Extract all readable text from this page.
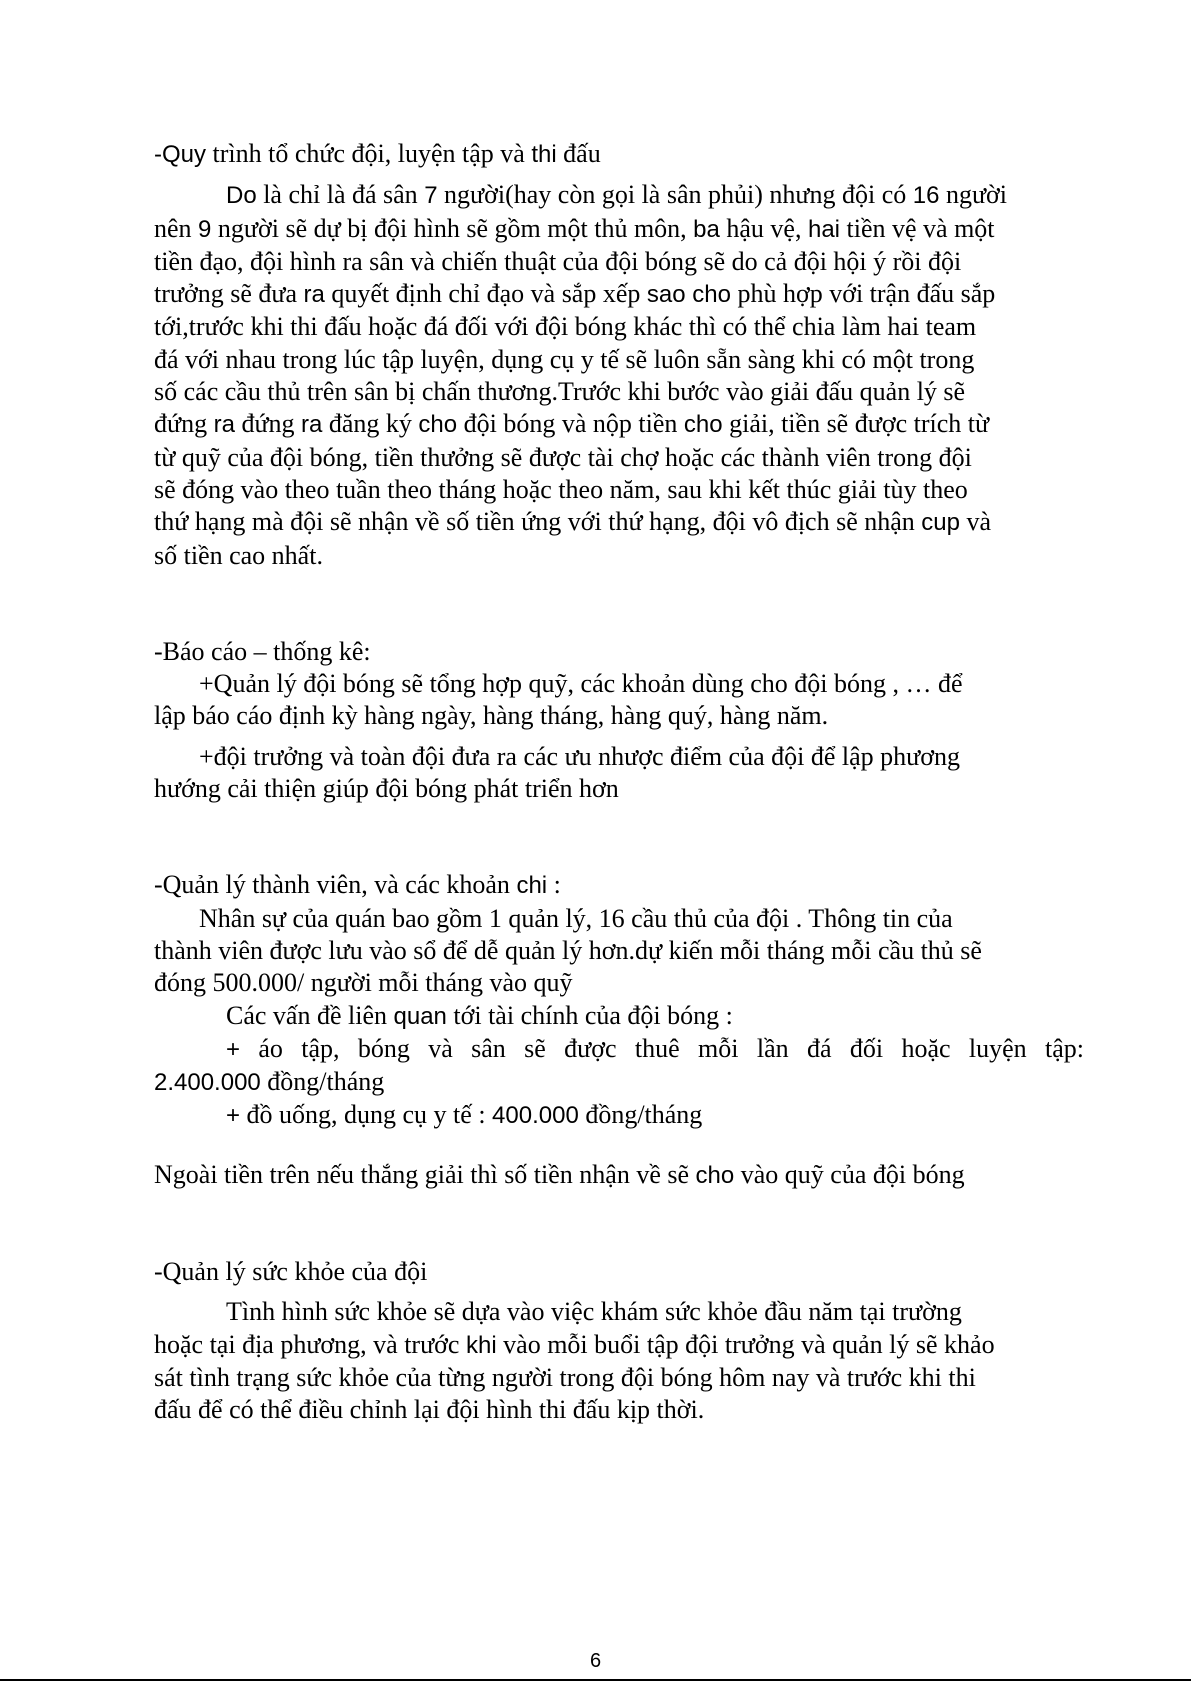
-Quy trình tổ chức đội, luyện tập và thi đấu

Do là chỉ là đá sân 7 người(hay còn gọi là sân phủi) nhưng đội có 16 người
nên 9 người sẽ dự bị đội hình sẽ gồm một thủ môn, ba hậu vệ, hai tiền vệ và một
tiền đạo, đội hình ra sân và chiến thuật của đội bóng sẽ do cả đội hội ý rồi đội
trưởng sẽ đưa ra quyết định chỉ đạo và sắp xếp sao cho phù hợp với trận đấu sắp
tới,trước khi thi đấu hoặc đá đối với đội bóng khác thì có thể chia làm hai team
đá với nhau trong lúc tập luyện, dụng cụ y tế sẽ luôn sẵn sàng khi có một trong
số các cầu thủ trên sân bị chấn thương.Trước khi bước vào giải đấu quản lý sẽ
đứng ra đứng ra đăng ký cho đội bóng và nộp tiền cho giải, tiền sẽ được trích từ
từ quỹ của đội bóng, tiền thưởng sẽ được tài chợ hoặc các thành viên trong đội
sẽ đóng vào theo tuần theo tháng hoặc theo năm, sau khi kết thúc giải tùy theo
thứ hạng mà đội sẽ nhận về số tiền ứng với thứ hạng, đội vô địch sẽ nhận cup và
số tiền cao nhất.

-Báo cáo – thống kê:

+Quản lý đội bóng sẽ tổng hợp quỹ, các khoản dùng cho đội bóng , … để
lập báo cáo định kỳ hàng ngày, hàng tháng, hàng quý, hàng năm.
+đội trưởng và toàn đội đưa ra các ưu nhược điểm của đội để lập phương
hướng cải thiện giúp đội bóng phát triển hơn

-Quản lý thành viên, và các khoản chi :

Nhân sự của quán bao gồm 1 quản lý, 16 cầu thủ của đội . Thông tin của
thành viên được lưu vào sổ để dễ quản lý hơn.dự kiến mỗi tháng mỗi cầu thủ sẽ
đóng 500.000/ người mỗi tháng vào quỹ
Các vấn đề liên quan tới tài chính của đội bóng :
+ áo tập, bóng và sân sẽ được thuê mỗi lần đá đối hoặc luyện tập:
2.400.000 đồng/tháng
+ đồ uống, dụng cụ y tế : 400.000 đồng/tháng

Ngoài tiền trên nếu thắng giải thì số tiền nhận về sẽ cho vào quỹ của đội bóng

-Quản lý sức khỏe của đội

Tình hình sức khỏe sẽ dựa vào việc khám sức khỏe đầu năm tại trường
hoặc tại địa phương, và trước khi vào mỗi buổi tập đội trưởng và quản lý sẽ khảo
sát tình trạng sức khỏe của từng người trong đội bóng hôm nay và trước khi thi
đấu để có thể điều chỉnh lại đội hình thi đấu kịp thời.
6
